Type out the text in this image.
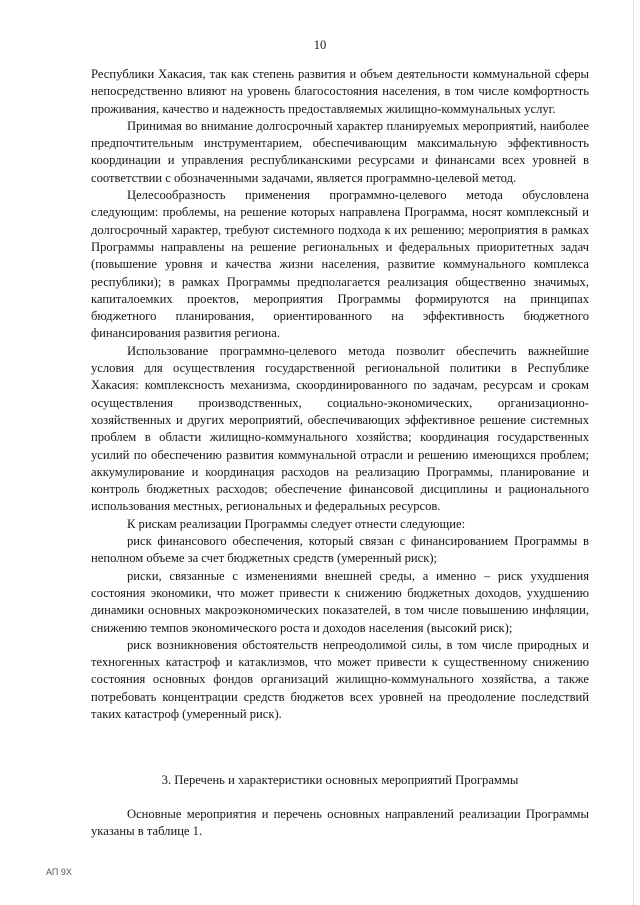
10

Республики Хакасия, так как степень развития и объем деятельности коммунальной сферы непосредственно влияют на уровень благосостояния населения, в том числе комфортность проживания, качество и надежность предоставляемых жилищно-коммунальных услуг.

Принимая во внимание долгосрочный характер планируемых мероприятий, наиболее предпочтительным инструментарием, обеспечивающим максимальную эффективность координации и управления республиканскими ресурсами и финансами всех уровней в соответствии с обозначенными задачами, является программно-целевой метод.

Целесообразность применения программно-целевого метода обусловлена следующим: проблемы, на решение которых направлена Программа, носят комплексный и долгосрочный характер, требуют системного подхода к их решению; мероприятия в рамках Программы направлены на решение региональных и федеральных приоритетных задач (повышение уровня и качества жизни населения, развитие коммунального комплекса республики); в рамках Программы предполагается реализация общественно значимых, капиталоемких проектов, мероприятия Программы формируются на принципах бюджетного планирования, ориентированного на эффективность бюджетного финансирования развития региона.

Использование программно-целевого метода позволит обеспечить важнейшие условия для осуществления государственной региональной политики в Республике Хакасия: комплексность механизма, скоординированного по задачам, ресурсам и срокам осуществления производственных, социально-экономических, организационно-хозяйственных и других мероприятий, обеспечивающих эффективное решение системных проблем в области жилищно-коммунального хозяйства; координация государственных усилий по обеспечению развития коммунальной отрасли и решению имеющихся проблем; аккумулирование и координация расходов на реализацию Программы, планирование и контроль бюджетных расходов; обеспечение финансовой дисциплины и рационального использования местных, региональных и федеральных ресурсов.

К рискам реализации Программы следует отнести следующие:

риск финансового обеспечения, который связан с финансированием Программы в неполном объеме за счет бюджетных средств (умеренный риск);

риски, связанные с изменениями внешней среды, а именно – риск ухудшения состояния экономики, что может привести к снижению бюджетных доходов, ухудшению динамики основных макроэкономических показателей, в том числе повышению инфляции, снижению темпов экономического роста и доходов населения (высокий риск);

риск возникновения обстоятельств непреодолимой силы, в том числе природных и техногенных катастроф и катаклизмов, что может привести к существенному снижению состояния основных фондов организаций жилищно-коммунального хозяйства, а также потребовать концентрации средств бюджетов всех уровней на преодоление последствий таких катастроф (умеренный риск).

3. Перечень и характеристики основных мероприятий Программы

Основные мероприятия и перечень основных направлений реализации Программы указаны в таблице 1.

АП 9Х
